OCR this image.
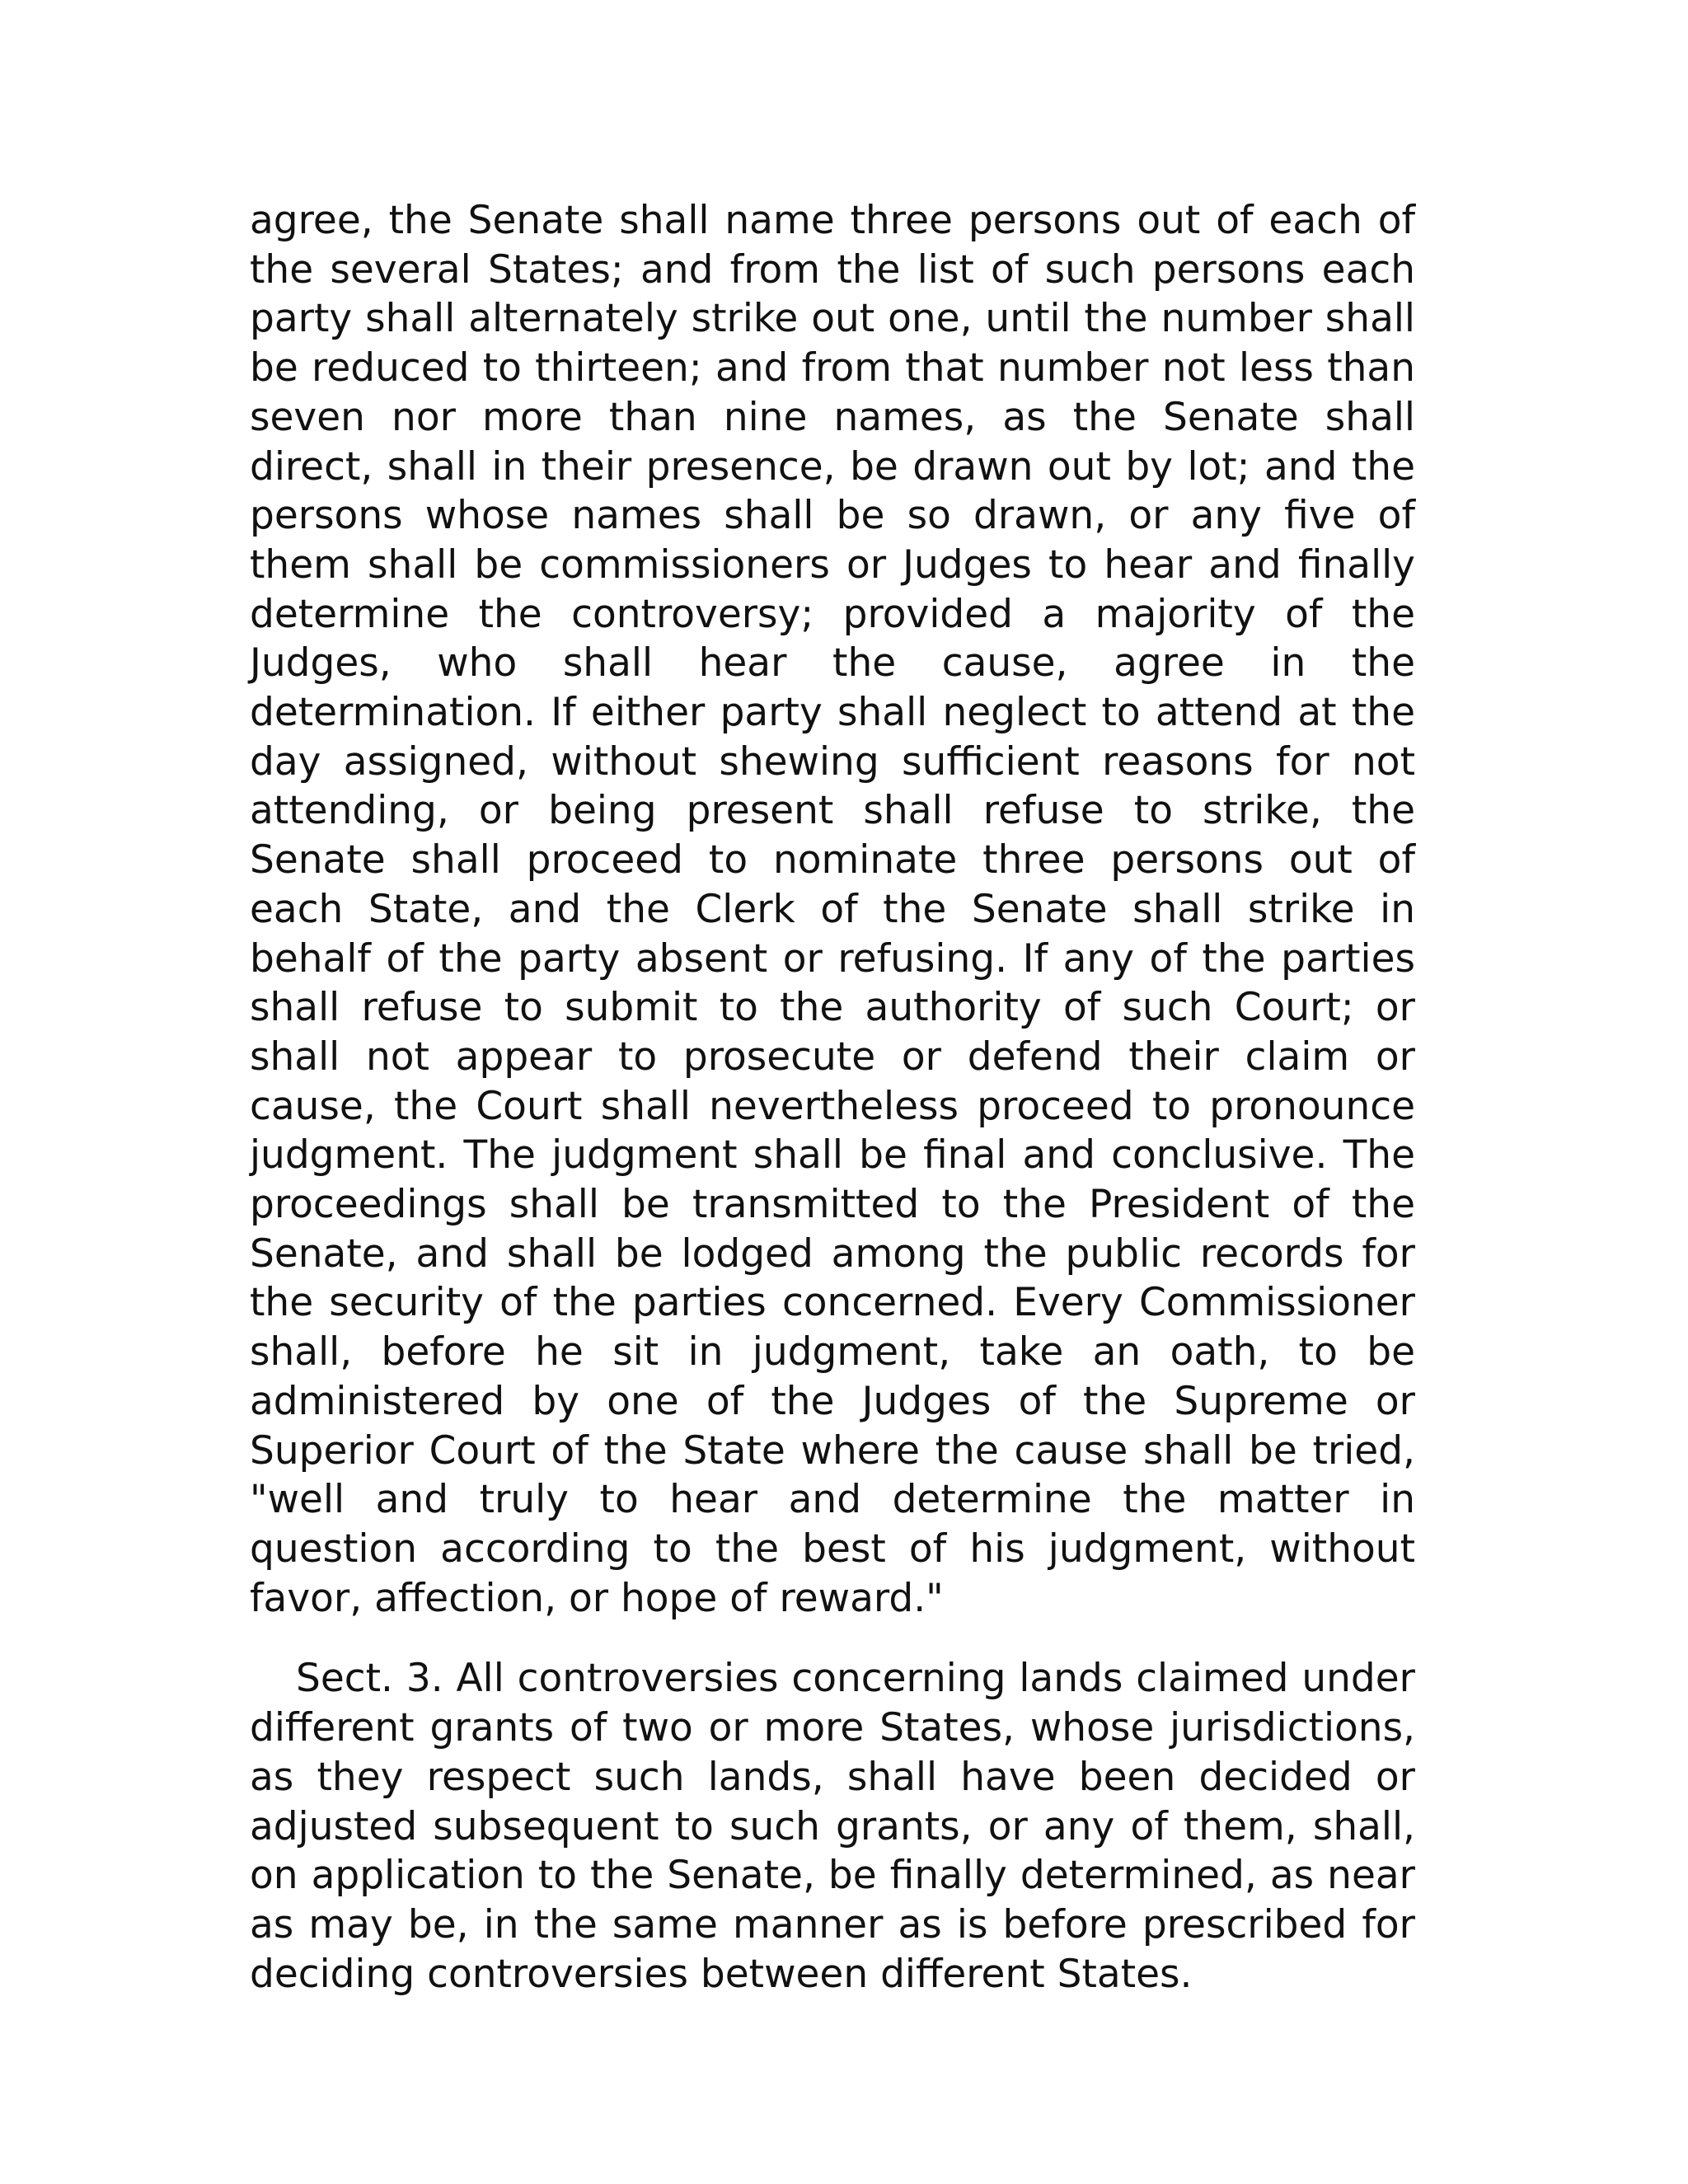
agree, the Senate shall name three persons out of each of the several States; and from the list of such persons each party shall alternately strike out one, until the number shall be reduced to thirteen; and from that number not less than seven nor more than nine names, as the Senate shall direct, shall in their presence, be drawn out by lot; and the persons whose names shall be so drawn, or any five of them shall be commissioners or Judges to hear and finally determine the controversy; provided a majority of the Judges, who shall hear the cause, agree in the determination. If either party shall neglect to attend at the day assigned, without shewing sufficient reasons for not attending, or being present shall refuse to strike, the Senate shall proceed to nominate three persons out of each State, and the Clerk of the Senate shall strike in behalf of the party absent or refusing. If any of the parties shall refuse to submit to the authority of such Court; or shall not appear to prosecute or defend their claim or cause, the Court shall nevertheless proceed to pronounce judgment. The judgment shall be final and conclusive. The proceedings shall be transmitted to the President of the Senate, and shall be lodged among the public records for the security of the parties concerned. Every Commissioner shall, before he sit in judgment, take an oath, to be administered by one of the Judges of the Supreme or Superior Court of the State where the cause shall be tried, "well and truly to hear and determine the matter in question according to the best of his judgment, without favor, affection, or hope of reward."

Sect. 3. All controversies concerning lands claimed under different grants of two or more States, whose jurisdictions, as they respect such lands, shall have been decided or adjusted subsequent to such grants, or any of them, shall, on application to the Senate, be finally determined, as near as may be, in the same manner as is before prescribed for deciding controversies between different States.
